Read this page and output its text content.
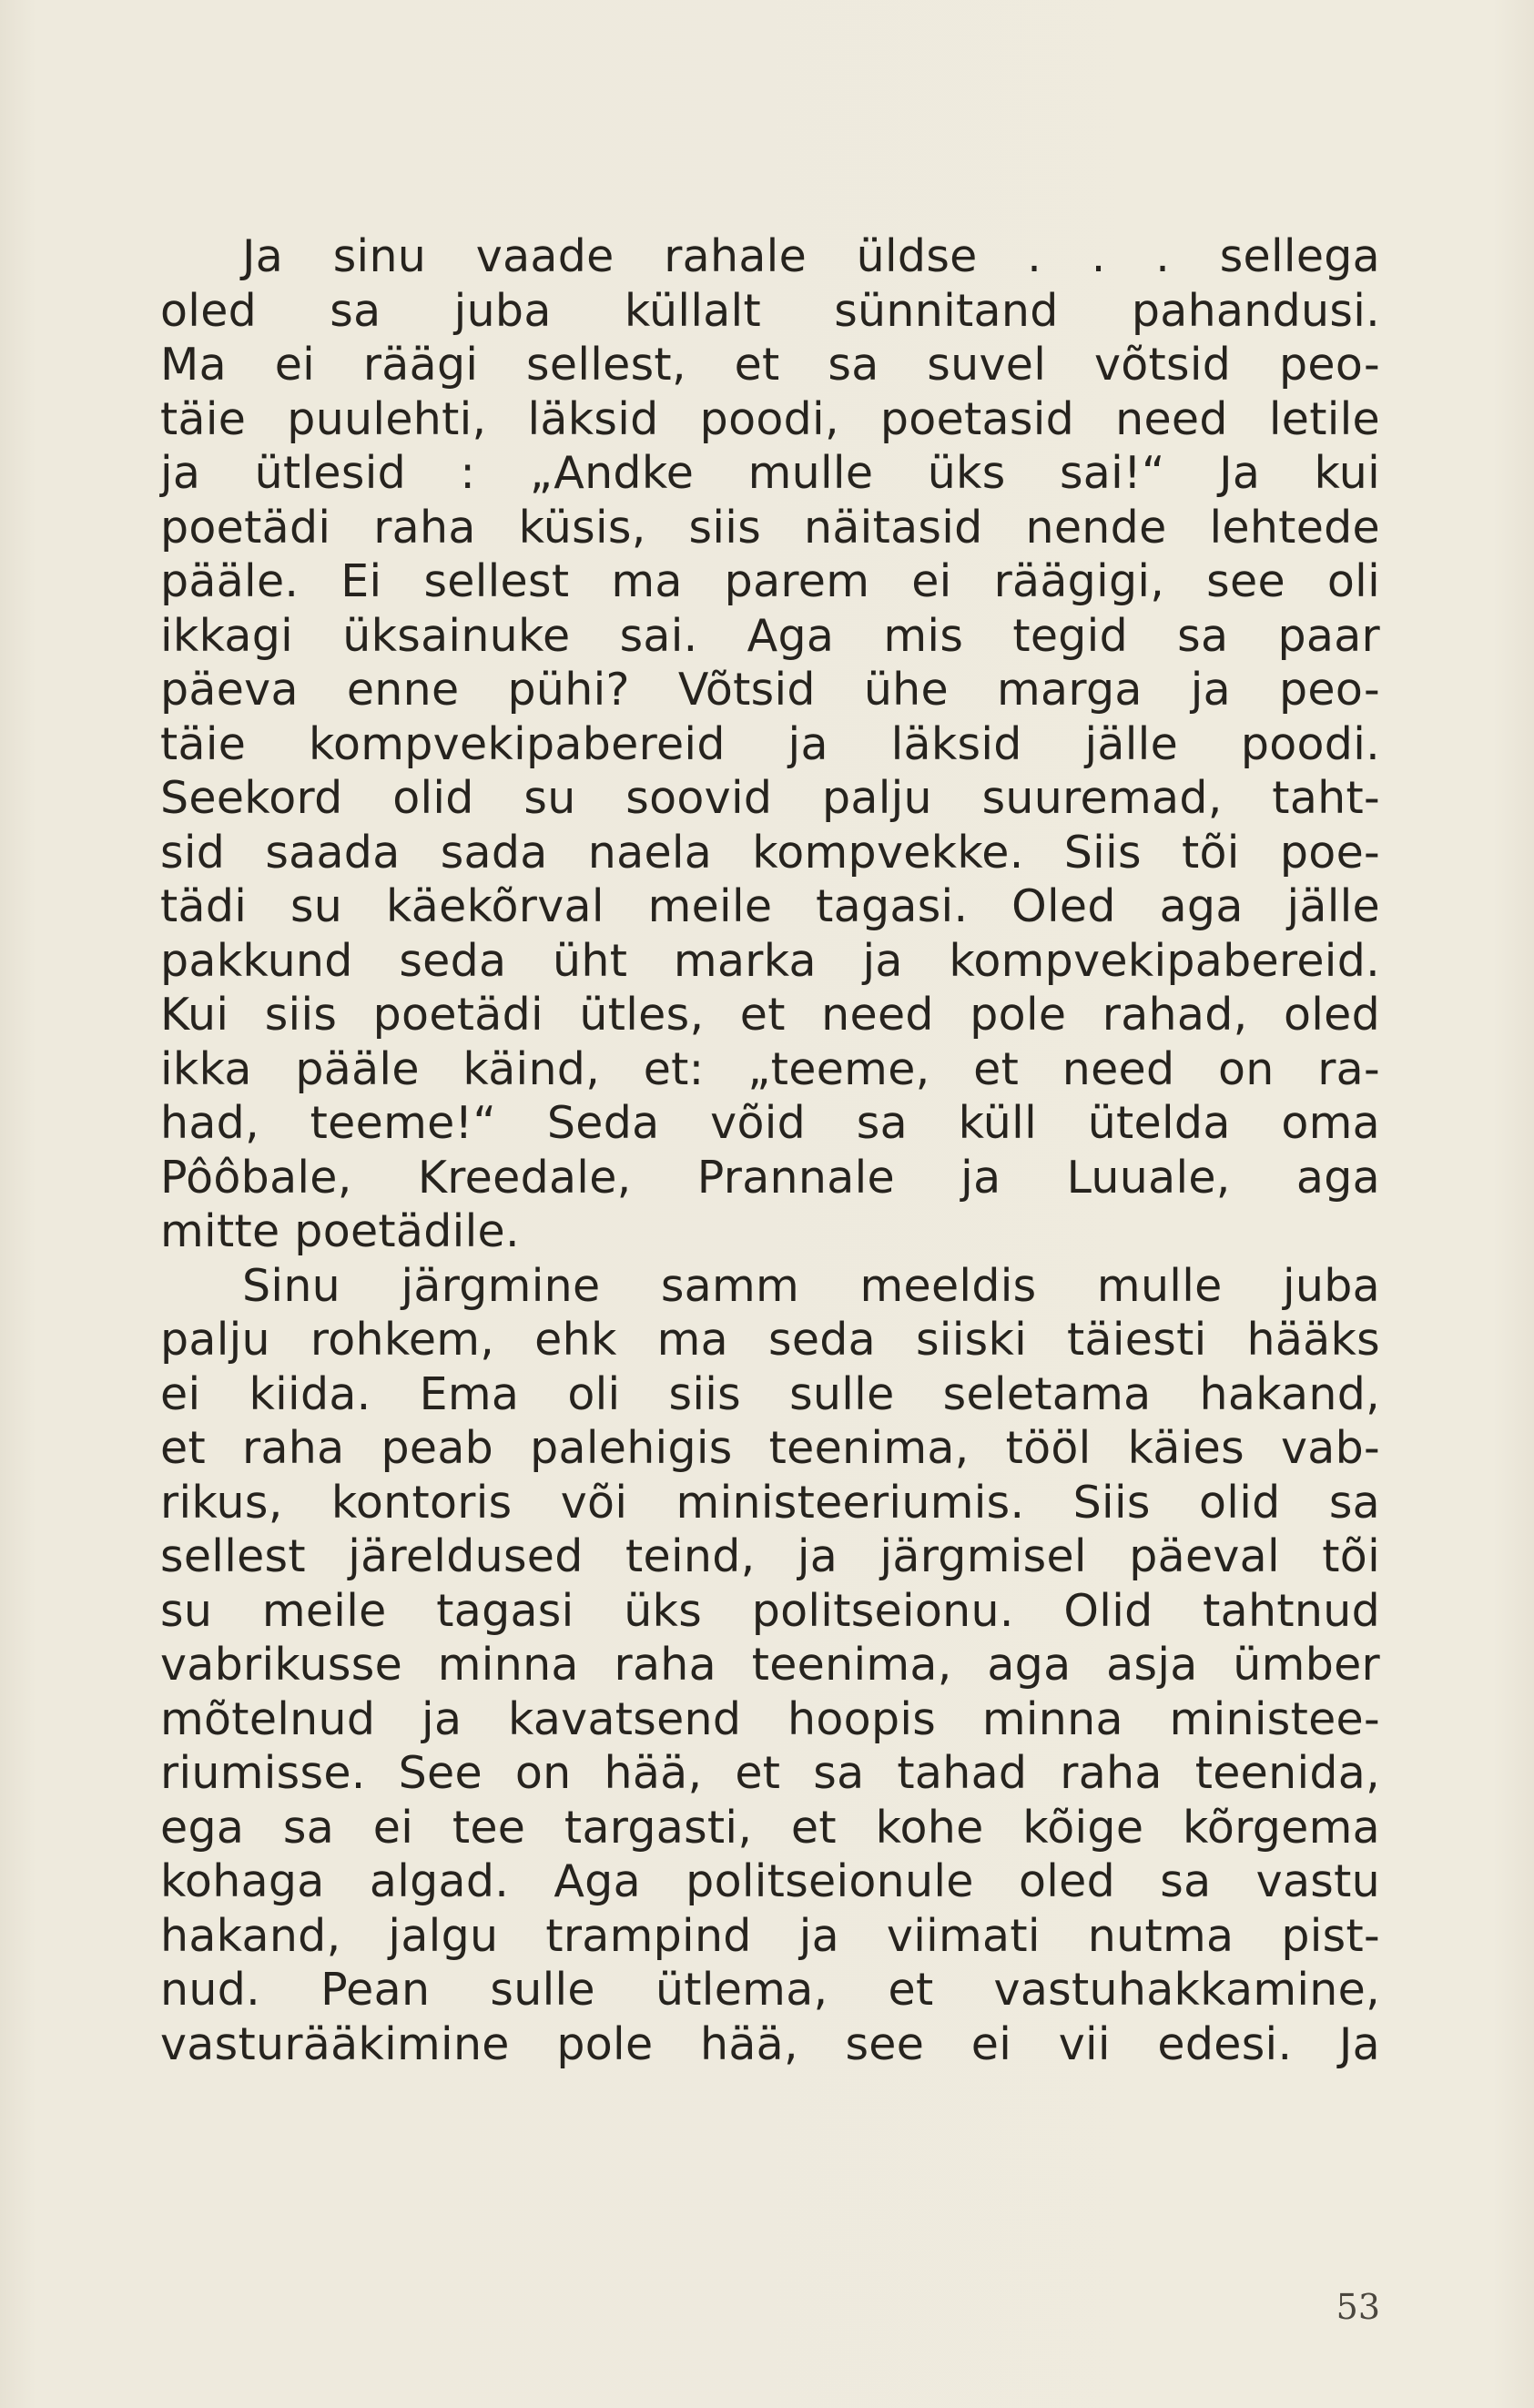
Ja sinu vaade rahale üldse . . . sellega
oled sa juba küllalt sünnitand pahandusi.
Ma ei räägi sellest, et sa suvel võtsid peo-
täie puulehti, läksid poodi, poetasid need letile
ja ütlesid : „Andke mulle üks sai!“ Ja kui
poetädi raha küsis, siis näitasid nende lehtede
pääle. Ei sellest ma parem ei räägigi, see oli
ikkagi üksainuke sai. Aga mis tegid sa paar
päeva enne pühi? Võtsid ühe marga ja peo-
täie kompvekipabereid ja läksid jälle poodi.
Seekord olid su soovid palju suuremad, taht-
sid saada sada naela kompvekke. Siis tõi poe-
tädi su käekõrval meile tagasi. Oled aga jälle
pakkund seda üht marka ja kompvekipabereid.
Kui siis poetädi ütles, et need pole rahad, oled
ikka pääle käind, et: „teeme, et need on ra-
had, teeme!“ Seda võid sa küll ütelda oma
Pôôbale, Kreedale, Prannale ja Luuale, aga
mitte poetädile.
Sinu järgmine samm meeldis mulle juba
palju rohkem, ehk ma seda siiski täiesti hääks
ei kiida. Ema oli siis sulle seletama hakand,
et raha peab palehigis teenima, tööl käies vab-
rikus, kontoris või ministeeriumis. Siis olid sa
sellest järeldused teind, ja järgmisel päeval tõi
su meile tagasi üks politseionu. Olid tahtnud
vabrikusse minna raha teenima, aga asja ümber
mõtelnud ja kavatsend hoopis minna ministee-
riumisse. See on hää, et sa tahad raha teenida,
ega sa ei tee targasti, et kohe kõige kõrgema
kohaga algad. Aga politseionule oled sa vastu
hakand, jalgu trampind ja viimati nutma pist-
nud. Pean sulle ütlema, et vastuhakkamine,
vasturääkimine pole hää, see ei vii edesi. Ja
53
